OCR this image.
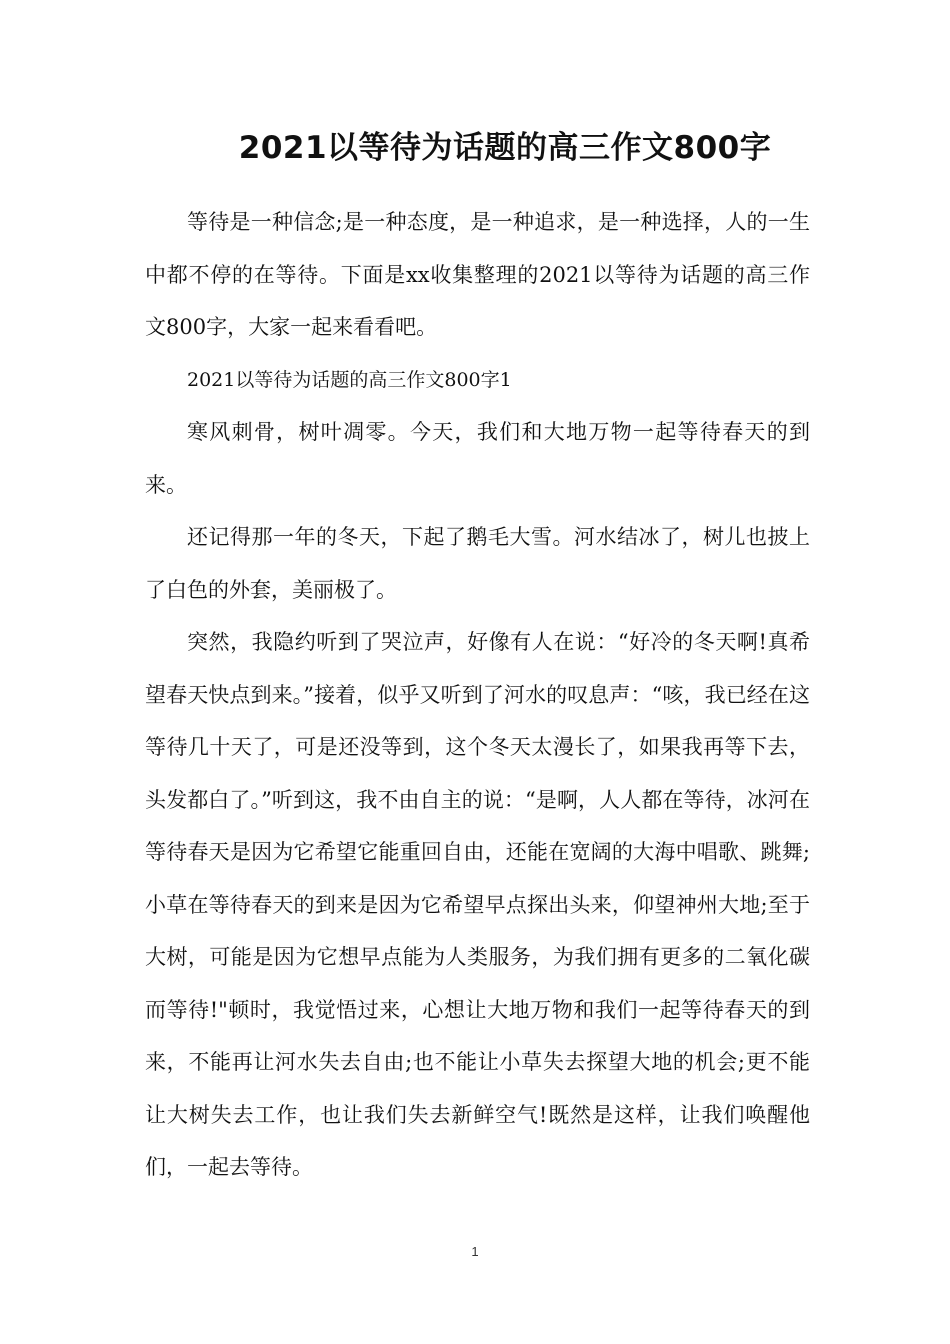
2021以等待为话题的高三作文800字

等待是一种信念;是一种态度，是一种追求，是一种选择，人的一生中都不停的在等待。下面是xx收集整理的2021以等待为话题的高三作文800字，大家一起来看看吧。

2021以等待为话题的高三作文800字1

寒风刺骨，树叶凋零。今天，我们和大地万物一起等待春天的到来。

还记得那一年的冬天，下起了鹅毛大雪。河水结冰了，树儿也披上了白色的外套，美丽极了。

突然，我隐约听到了哭泣声，好像有人在说：“好冷的冬天啊!真希望春天快点到来。”接着，似乎又听到了河水的叹息声：“咳，我已经在这等待几十天了，可是还没等到，这个冬天太漫长了，如果我再等下去，头发都白了。”听到这，我不由自主的说：“是啊，人人都在等待，冰河在等待春天是因为它希望它能重回自由，还能在宽阔的大海中唱歌、跳舞;小草在等待春天的到来是因为它希望早点探出头来，仰望神州大地;至于大树，可能是因为它想早点能为人类服务，为我们拥有更多的二氧化碳而等待!"顿时，我觉悟过来，心想让大地万物和我们一起等待春天的到来，不能再让河水失去自由;也不能让小草失去探望大地的机会;更不能让大树失去工作，也让我们失去新鲜空气!既然是这样，让我们唤醒他们，一起去等待。

1
